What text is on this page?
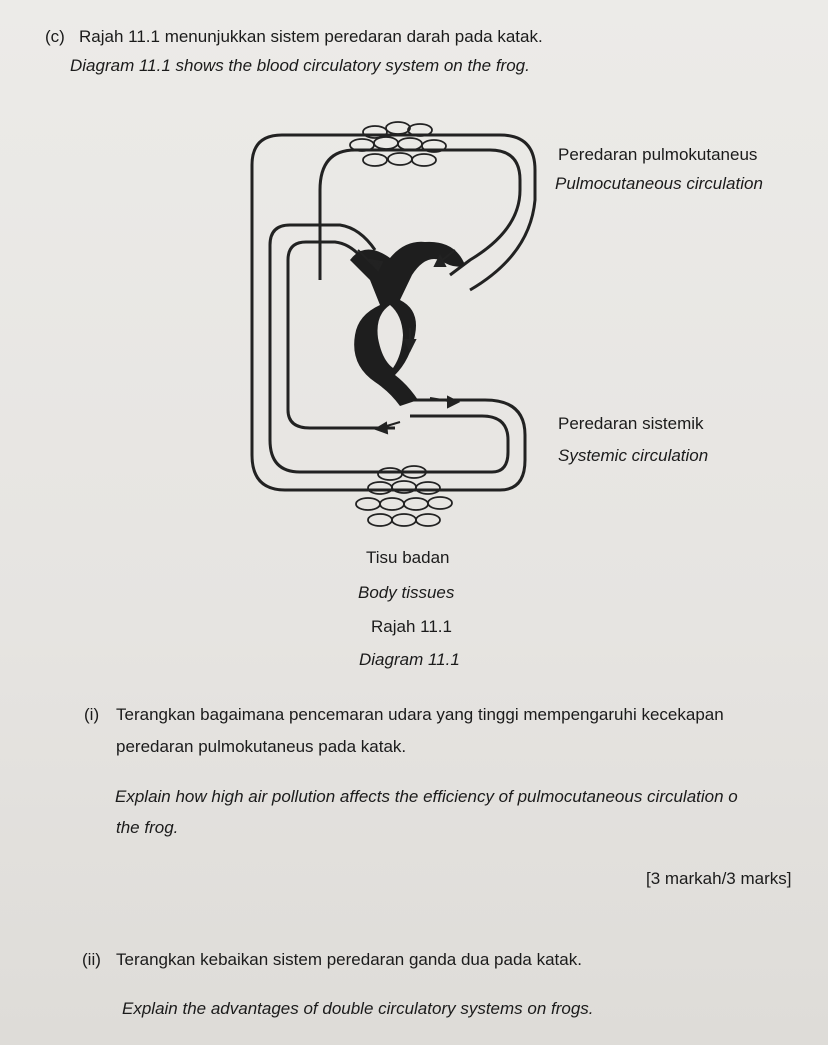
(c) Rajah 11.1 menunjukkan sistem peredaran darah pada katak.
Diagram 11.1 shows the blood circulatory system on the frog.
Peredaran pulmokutaneus
Pulmocutaneous circulation
Peredaran sistemik
Systemic circulation
Tisu badan
Body tissues
Rajah 11.1
Diagram 11.1
(i) Terangkan bagaimana pencemaran udara yang tinggi mempengaruhi kecekapan
peredaran pulmokutaneus pada katak.
Explain how high air pollution affects the efficiency of pulmocutaneous circulation o
the frog.
[3 markah/3 marks]
(ii) Terangkan kebaikan sistem peredaran ganda dua pada katak.
Explain the advantages of double circulatory systems on frogs.
